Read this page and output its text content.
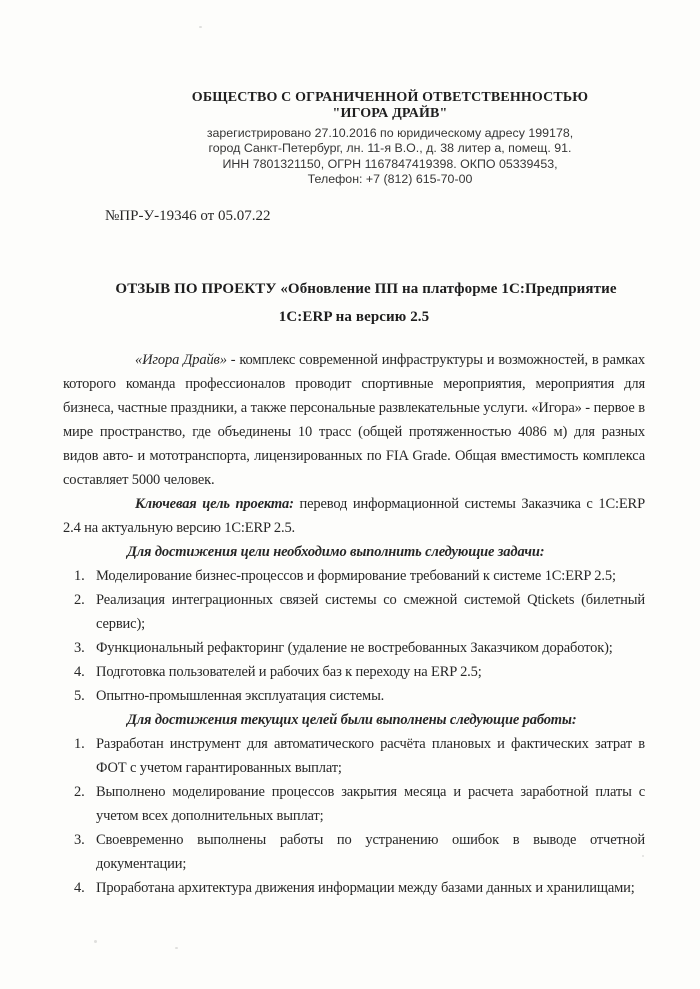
ОБЩЕСТВО С ОГРАНИЧЕННОЙ ОТВЕТСТВЕННОСТЬЮ
"ИГОРА ДРАЙВ"
зарегистрировано 27.10.2016 по юридическому адресу 199178,
город Санкт-Петербург, лн. 11-я В.О., д. 38 литер а, помещ. 91.
ИНН 7801321150, ОГРН 1167847419398. ОКПО 05339453,
Телефон: +7 (812) 615-70-00
№ПР-У-19346 от 05.07.22
ОТЗЫВ ПО ПРОЕКТУ «Обновление ПП на платформе 1С:Предприятие
1С:ERP на версию 2.5

«Игора Драйв» - комплекс современной инфраструктуры и возможностей, в рамках которого команда профессионалов проводит спортивные мероприятия, мероприятия для бизнеса, частные праздники, а также персональные развлекательные услуги. «Игора» - первое в мире пространство, где объединены 10 трасс (общей протяженностью 4086 м) для разных видов авто- и мототранспорта, лицензированных по FIA Grade. Общая вместимость комплекса составляет 5000 человек.

Ключевая цель проекта: перевод информационной системы Заказчика с 1С:ERP 2.4 на актуальную версию 1С:ERP 2.5.

Для достижения цели необходимо выполнить следующие задачи:

1. Моделирование бизнес-процессов и формирование требований к системе 1С:ERP 2.5;
2. Реализация интеграционных связей системы со смежной системой Qtickets (билетный сервис);
3. Функциональный рефакторинг (удаление не востребованных Заказчиком доработок);
4. Подготовка пользователей и рабочих баз к переходу на ERP 2.5;
5. Опытно-промышленная эксплуатация системы.

Для достижения текущих целей были выполнены следующие работы:

1. Разработан инструмент для автоматического расчёта плановых и фактических затрат в ФОТ с учетом гарантированных выплат;
2. Выполнено моделирование процессов закрытия месяца и расчета заработной платы с учетом всех дополнительных выплат;
3. Своевременно выполнены работы по устранению ошибок в выводе отчетной документации;
4. Проработана архитектура движения информации между базами данных и хранилищами;
